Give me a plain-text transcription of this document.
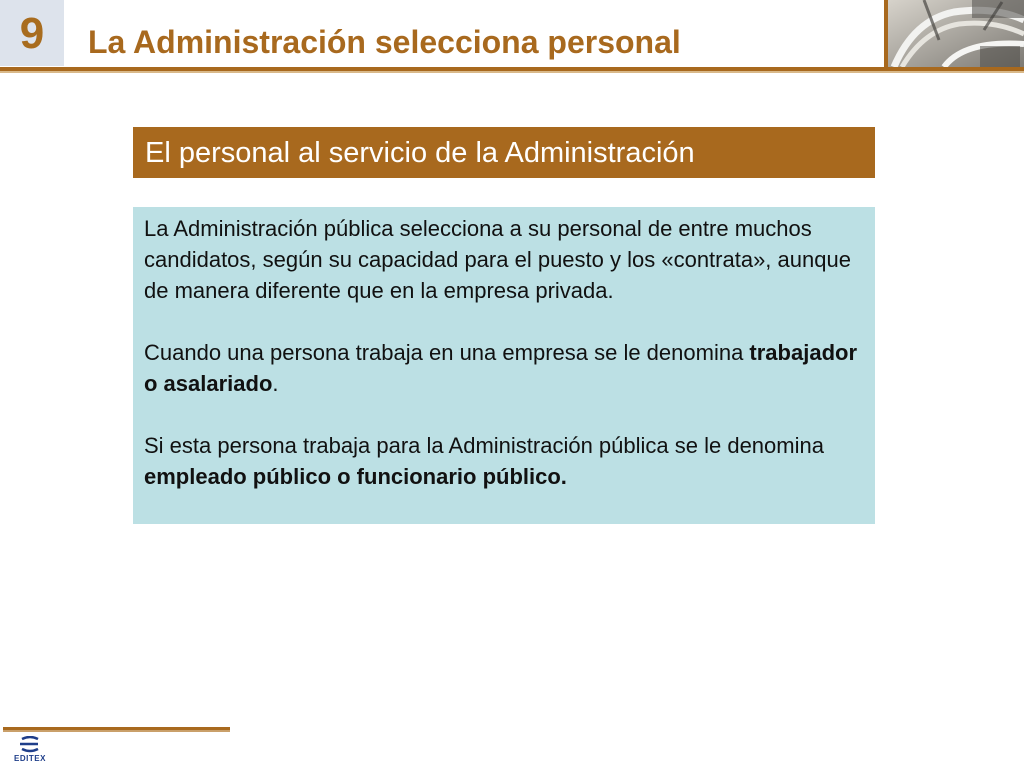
9	La Administración selecciona personal
El personal al servicio de la Administración

La Administración pública selecciona a su personal de entre muchos candidatos, según su capacidad para el puesto y los «contrata», aunque de manera diferente que en la empresa privada.

Cuando una persona trabaja en una empresa se le denomina trabajador o asalariado.

Si esta persona trabaja para la Administración pública se le denomina empleado público o funcionario público.

EDITEX
